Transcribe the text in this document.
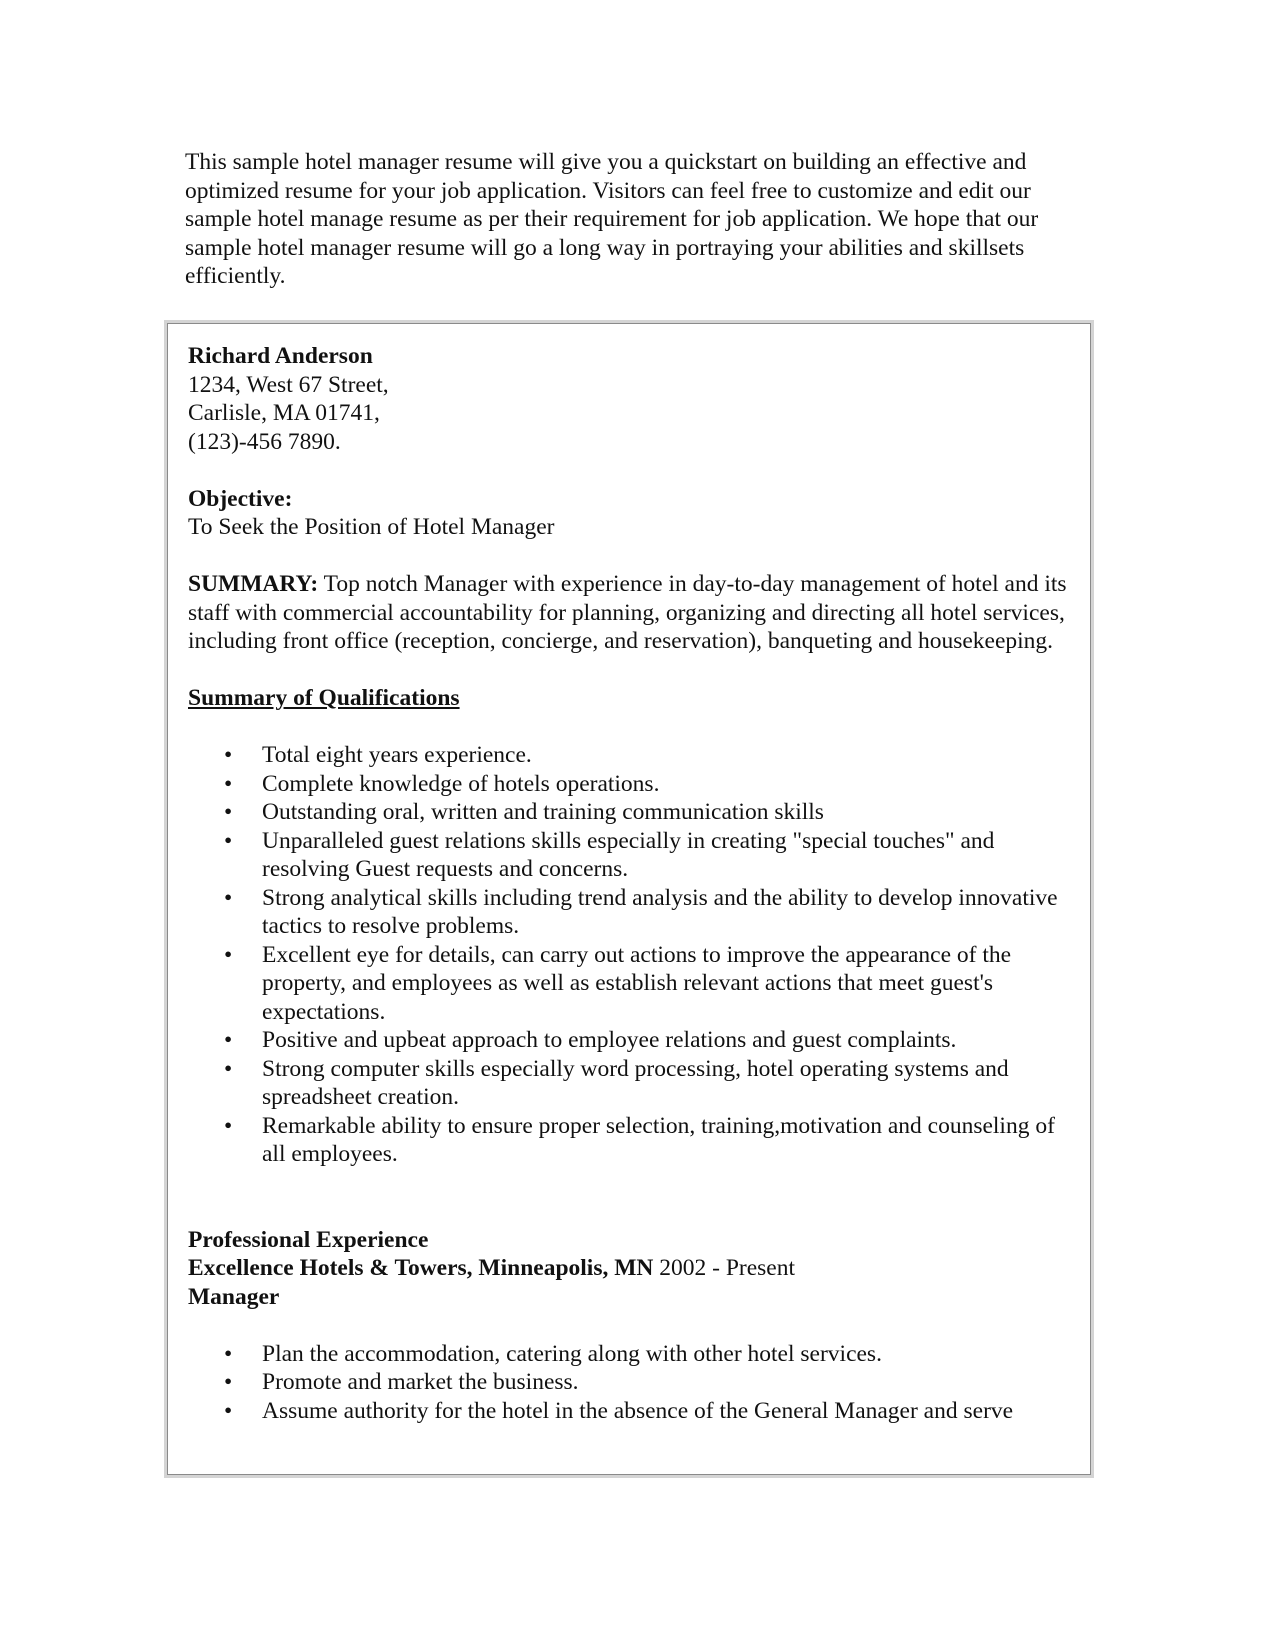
This sample hotel manager resume will give you a quickstart on building an effective and optimized resume for your job application. Visitors can feel free to customize and edit our sample hotel manage resume as per their requirement for job application. We hope that our sample hotel manager resume will go a long way in portraying your abilities and skillsets efficiently.

Richard Anderson

1234, West 67 Street,

Carlisle, MA 01741,

(123)-456 7890.

Objective:

To Seek the Position of Hotel Manager

SUMMARY: Top notch Manager with experience in day-to-day management of hotel and its staff with commercial accountability for planning, organizing and directing all hotel services, including front office (reception, concierge, and reservation), banqueting and housekeeping.

Summary of Qualifications

• Total eight years experience.
• Complete knowledge of hotels operations.
• Outstanding oral, written and training communication skills
• Unparalleled guest relations skills especially in creating "special touches" and resolving Guest requests and concerns.
• Strong analytical skills including trend analysis and the ability to develop innovative tactics to resolve problems.
• Excellent eye for details, can carry out actions to improve the appearance of the property, and employees as well as establish relevant actions that meet guest's expectations.
• Positive and upbeat approach to employee relations and guest complaints.
• Strong computer skills especially word processing, hotel operating systems and spreadsheet creation.
• Remarkable ability to ensure proper selection, training,motivation and counseling of all employees.

Professional Experience

Excellence Hotels & Towers, Minneapolis, MN 2002 - Present

Manager

• Plan the accommodation, catering along with other hotel services.
• Promote and market the business.
• Assume authority for the hotel in the absence of the General Manager and serve
